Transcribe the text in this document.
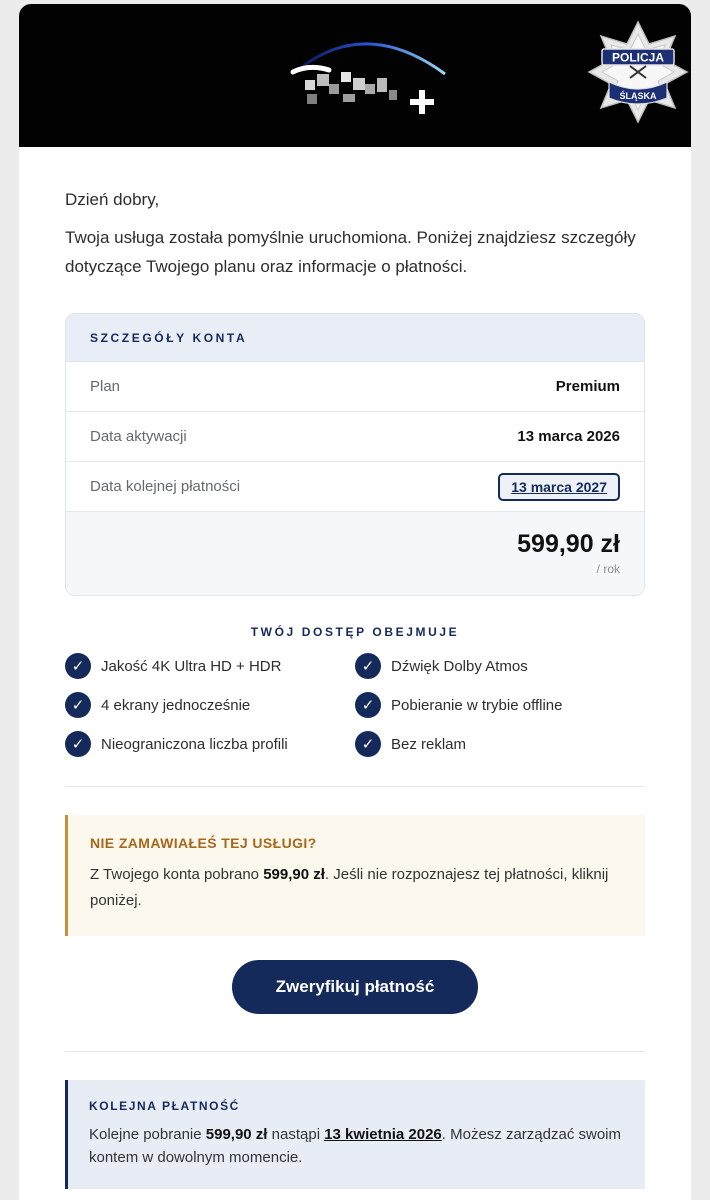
POLICJA
ŚLĄSKA

Dzień dobry,

Twoja usługa została pomyślnie uruchomiona. Poniżej znajdziesz szczegóły dotyczące Twojego planu oraz informacje o płatności.

SZCZEGÓŁY KONTA
Plan	Premium
Data aktywacji	13 marca 2026
Data kolejnej płatności	13 marca 2027
599,90 zł
/ rok
TWÓJ DOSTĘP OBEJMUJE
✓	Jakość 4K Ultra HD + HDR	✓	Dźwięk Dolby Atmos
✓	4 ekrany jednocześnie	✓	Pobieranie w trybie offline
✓	Nieograniczona liczba profili	✓	Bez reklam
NIE ZAMAWIAŁEŚ TEJ USŁUGI?
Z Twojego konta pobrano 599,90 zł. Jeśli nie rozpoznajesz tej płatności, kliknij poniżej.
Zweryfikuj płatność
KOLEJNA PŁATNOŚĆ
Kolejne pobranie 599,90 zł nastąpi 13 kwietnia 2026. Możesz zarządzać swoim kontem w dowolnym momencie.
